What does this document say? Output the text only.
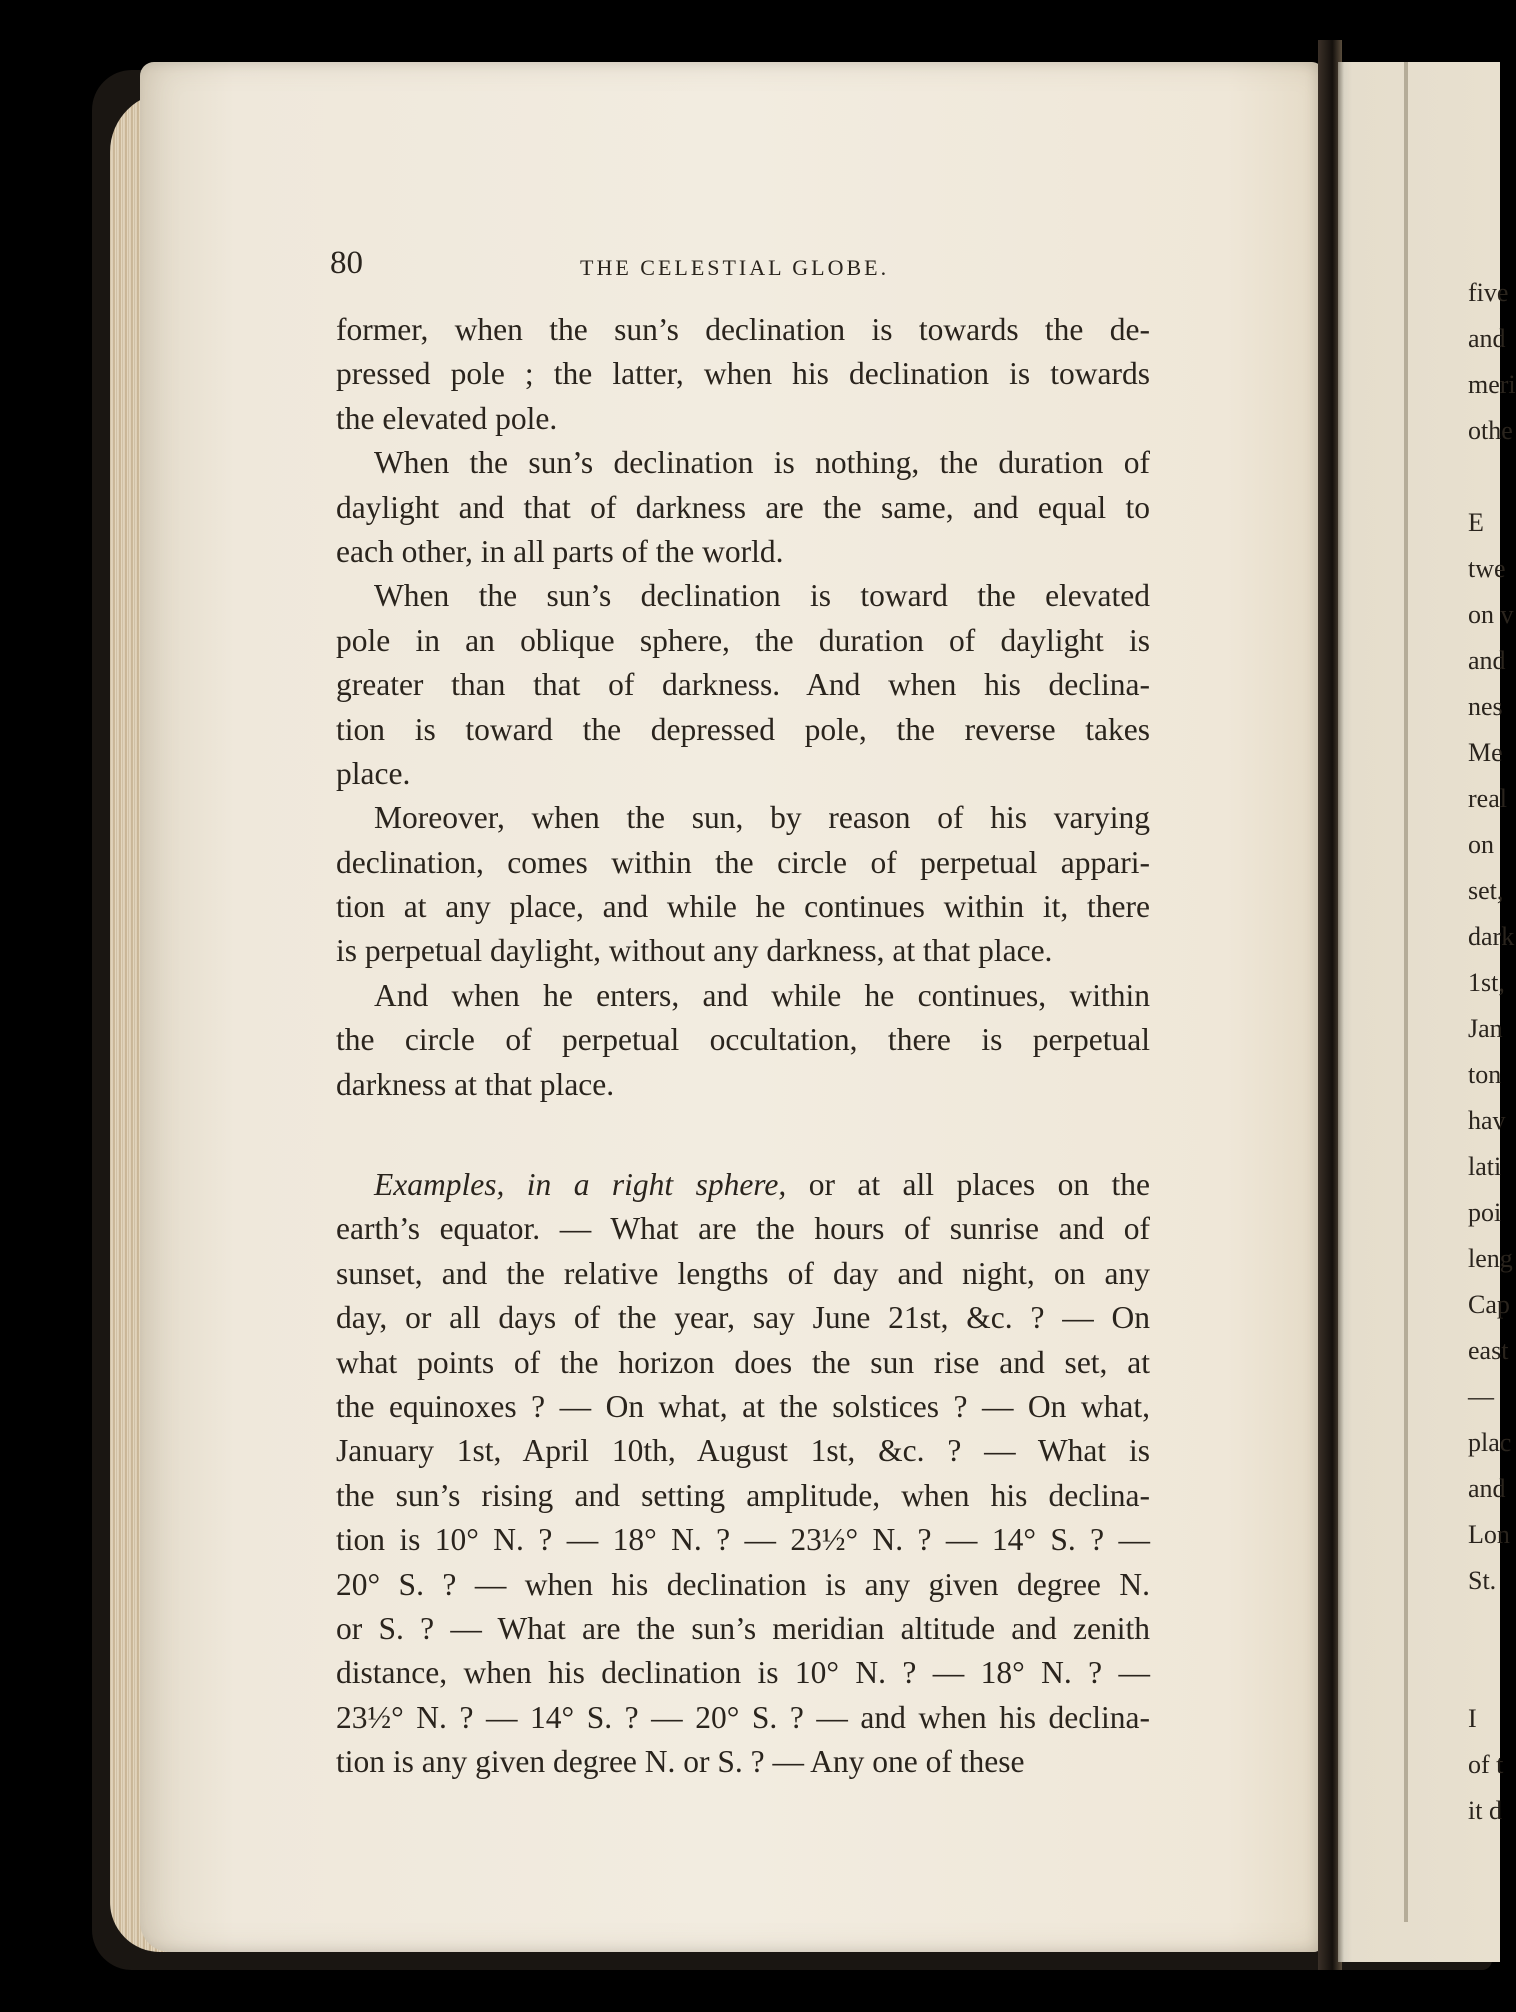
five
and
meri
othe
E
twe
on v
and
nes
Me
real
on
set,
dark
1st,
Jan
ton
hav
lati
poi
leng
Cap
east
—
plac
and
Lon
St.
I
of t
it d
80	THE CELESTIAL GLOBE.
former, when the sun’s declination is towards the de-
pressed pole ; the latter, when his declination is towards
the elevated pole.
When the sun’s declination is nothing, the duration of
daylight and that of darkness are the same, and equal to
each other, in all parts of the world.
When the sun’s declination is toward the elevated
pole in an oblique sphere, the duration of daylight is
greater than that of darkness. And when his declina-
tion is toward the depressed pole, the reverse takes
place.
Moreover, when the sun, by reason of his varying
declination, comes within the circle of perpetual appari-
tion at any place, and while he continues within it, there
is perpetual daylight, without any darkness, at that place.
And when he enters, and while he continues, within
the circle of perpetual occultation, there is perpetual
darkness at that place.
Examples, in a right sphere, or at all places on the
earth’s equator. — What are the hours of sunrise and of
sunset, and the relative lengths of day and night, on any
day, or all days of the year, say June 21st, &c. ? — On
what points of the horizon does the sun rise and set, at
the equinoxes ? — On what, at the solstices ? — On what,
January 1st, April 10th, August 1st, &c. ? — What is
the sun’s rising and setting amplitude, when his declina-
tion is 10° N. ? — 18° N. ? — 23½° N. ? — 14° S. ? —
20° S. ? — when his declination is any given degree N.
or S. ? — What are the sun’s meridian altitude and zenith
distance, when his declination is 10° N. ? — 18° N. ? —
23½° N. ? — 14° S. ? — 20° S. ? — and when his declina-
tion is any given degree N. or S. ? — Any one of these
